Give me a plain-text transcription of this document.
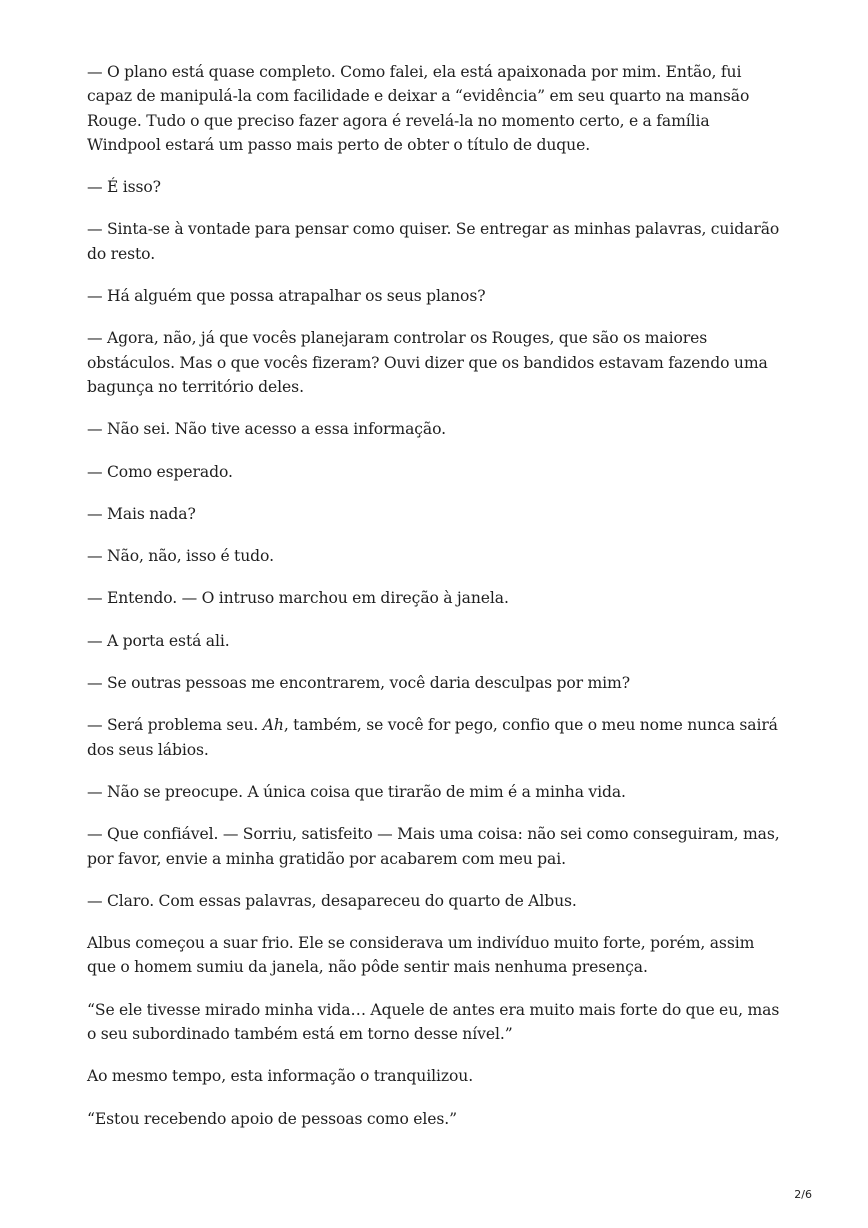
— O plano está quase completo. Como falei, ela está apaixonada por mim. Então, fui capaz de manipulá-la com facilidade e deixar a “evidência” em seu quarto na mansão Rouge. Tudo o que preciso fazer agora é revelá-la no momento certo, e a família Windpool estará um passo mais perto de obter o título de duque.

— É isso?

— Sinta-se à vontade para pensar como quiser. Se entregar as minhas palavras, cuidarão do resto.

— Há alguém que possa atrapalhar os seus planos?

— Agora, não, já que vocês planejaram controlar os Rouges, que são os maiores obstáculos. Mas o que vocês fizeram? Ouvi dizer que os bandidos estavam fazendo uma bagunça no território deles.

— Não sei. Não tive acesso a essa informação.

— Como esperado.

— Mais nada?

— Não, não, isso é tudo.

— Entendo. — O intruso marchou em direção à janela.

— A porta está ali.

— Se outras pessoas me encontrarem, você daria desculpas por mim?

— Será problema seu. Ah, também, se você for pego, confio que o meu nome nunca sairá dos seus lábios.

— Não se preocupe. A única coisa que tirarão de mim é a minha vida.

— Que confiável. — Sorriu, satisfeito — Mais uma coisa: não sei como conseguiram, mas, por favor, envie a minha gratidão por acabarem com meu pai.

— Claro. Com essas palavras, desapareceu do quarto de Albus.

Albus começou a suar frio. Ele se considerava um indivíduo muito forte, porém, assim que o homem sumiu da janela, não pôde sentir mais nenhuma presença.

“Se ele tivesse mirado minha vida… Aquele de antes era muito mais forte do que eu, mas o seu subordinado também está em torno desse nível.”

Ao mesmo tempo, esta informação o tranquilizou.

“Estou recebendo apoio de pessoas como eles.”

2/6
